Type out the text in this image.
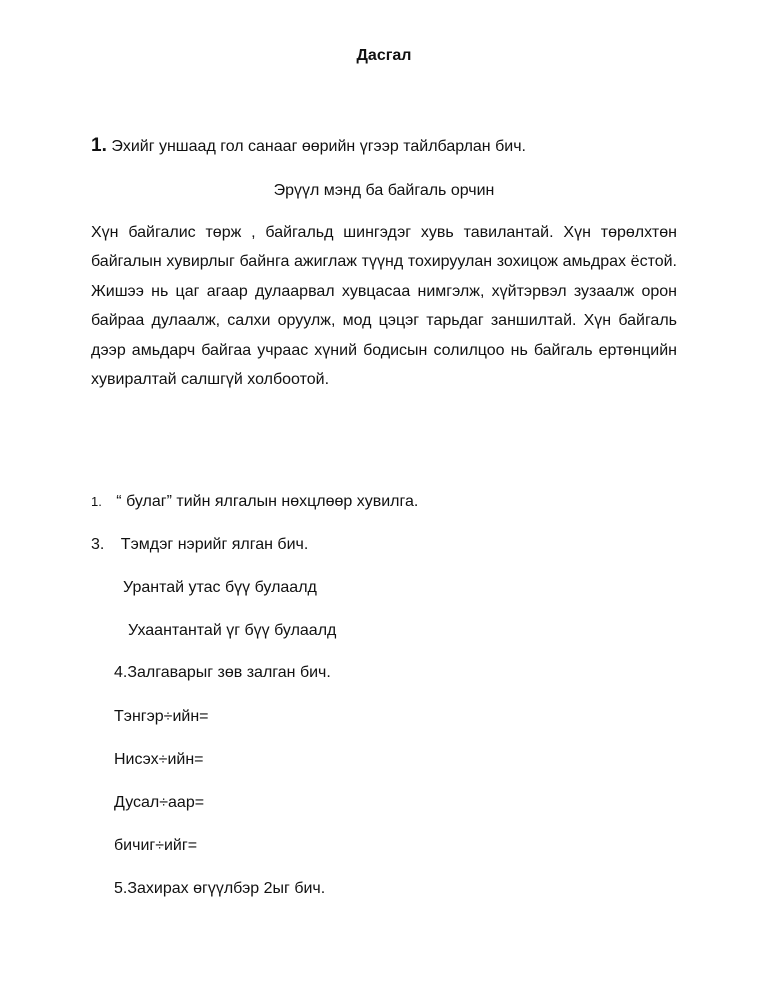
Дасгал
1. Эхийг уншаад гол санааг өөрийн үгээр тайлбарлан бич.
Эрүүл мэнд ба байгаль орчин
Хүн байгалис төрж , байгальд шингэдэг хувь тавилантай. Хүн төрөлхтөн байгалын хувирлыг байнга ажиглаж түүнд тохируулан зохицож амьдрах ёстой. Жишээ нь цаг агаар дулаарвал хувцасаа нимгэлж, хүйтэрвэл зузаалж орон байраа дулаалж, салхи оруулж, мод цэцэг тарьдаг заншилтай. Хүн байгаль дээр амьдарч байгаа учраас хүний бодисын солилцоо нь байгаль ертөнцийн хувиралтай салшгүй холбоотой.
1. “ булаг” тийн ялгалын нөхцлөөр хувилга.
3. Тэмдэг нэрийг ялган бич.
Урантай утас бүү булаалд
Ухаантантай үг бүү булаалд
4.Залгаварыг зөв залган бич.
Тэнгэр÷ийн=
Нисэх÷ийн=
Дусал÷аар=
бичиг÷ийг=
5.Захирах өгүүлбэр 2ыг бич.
